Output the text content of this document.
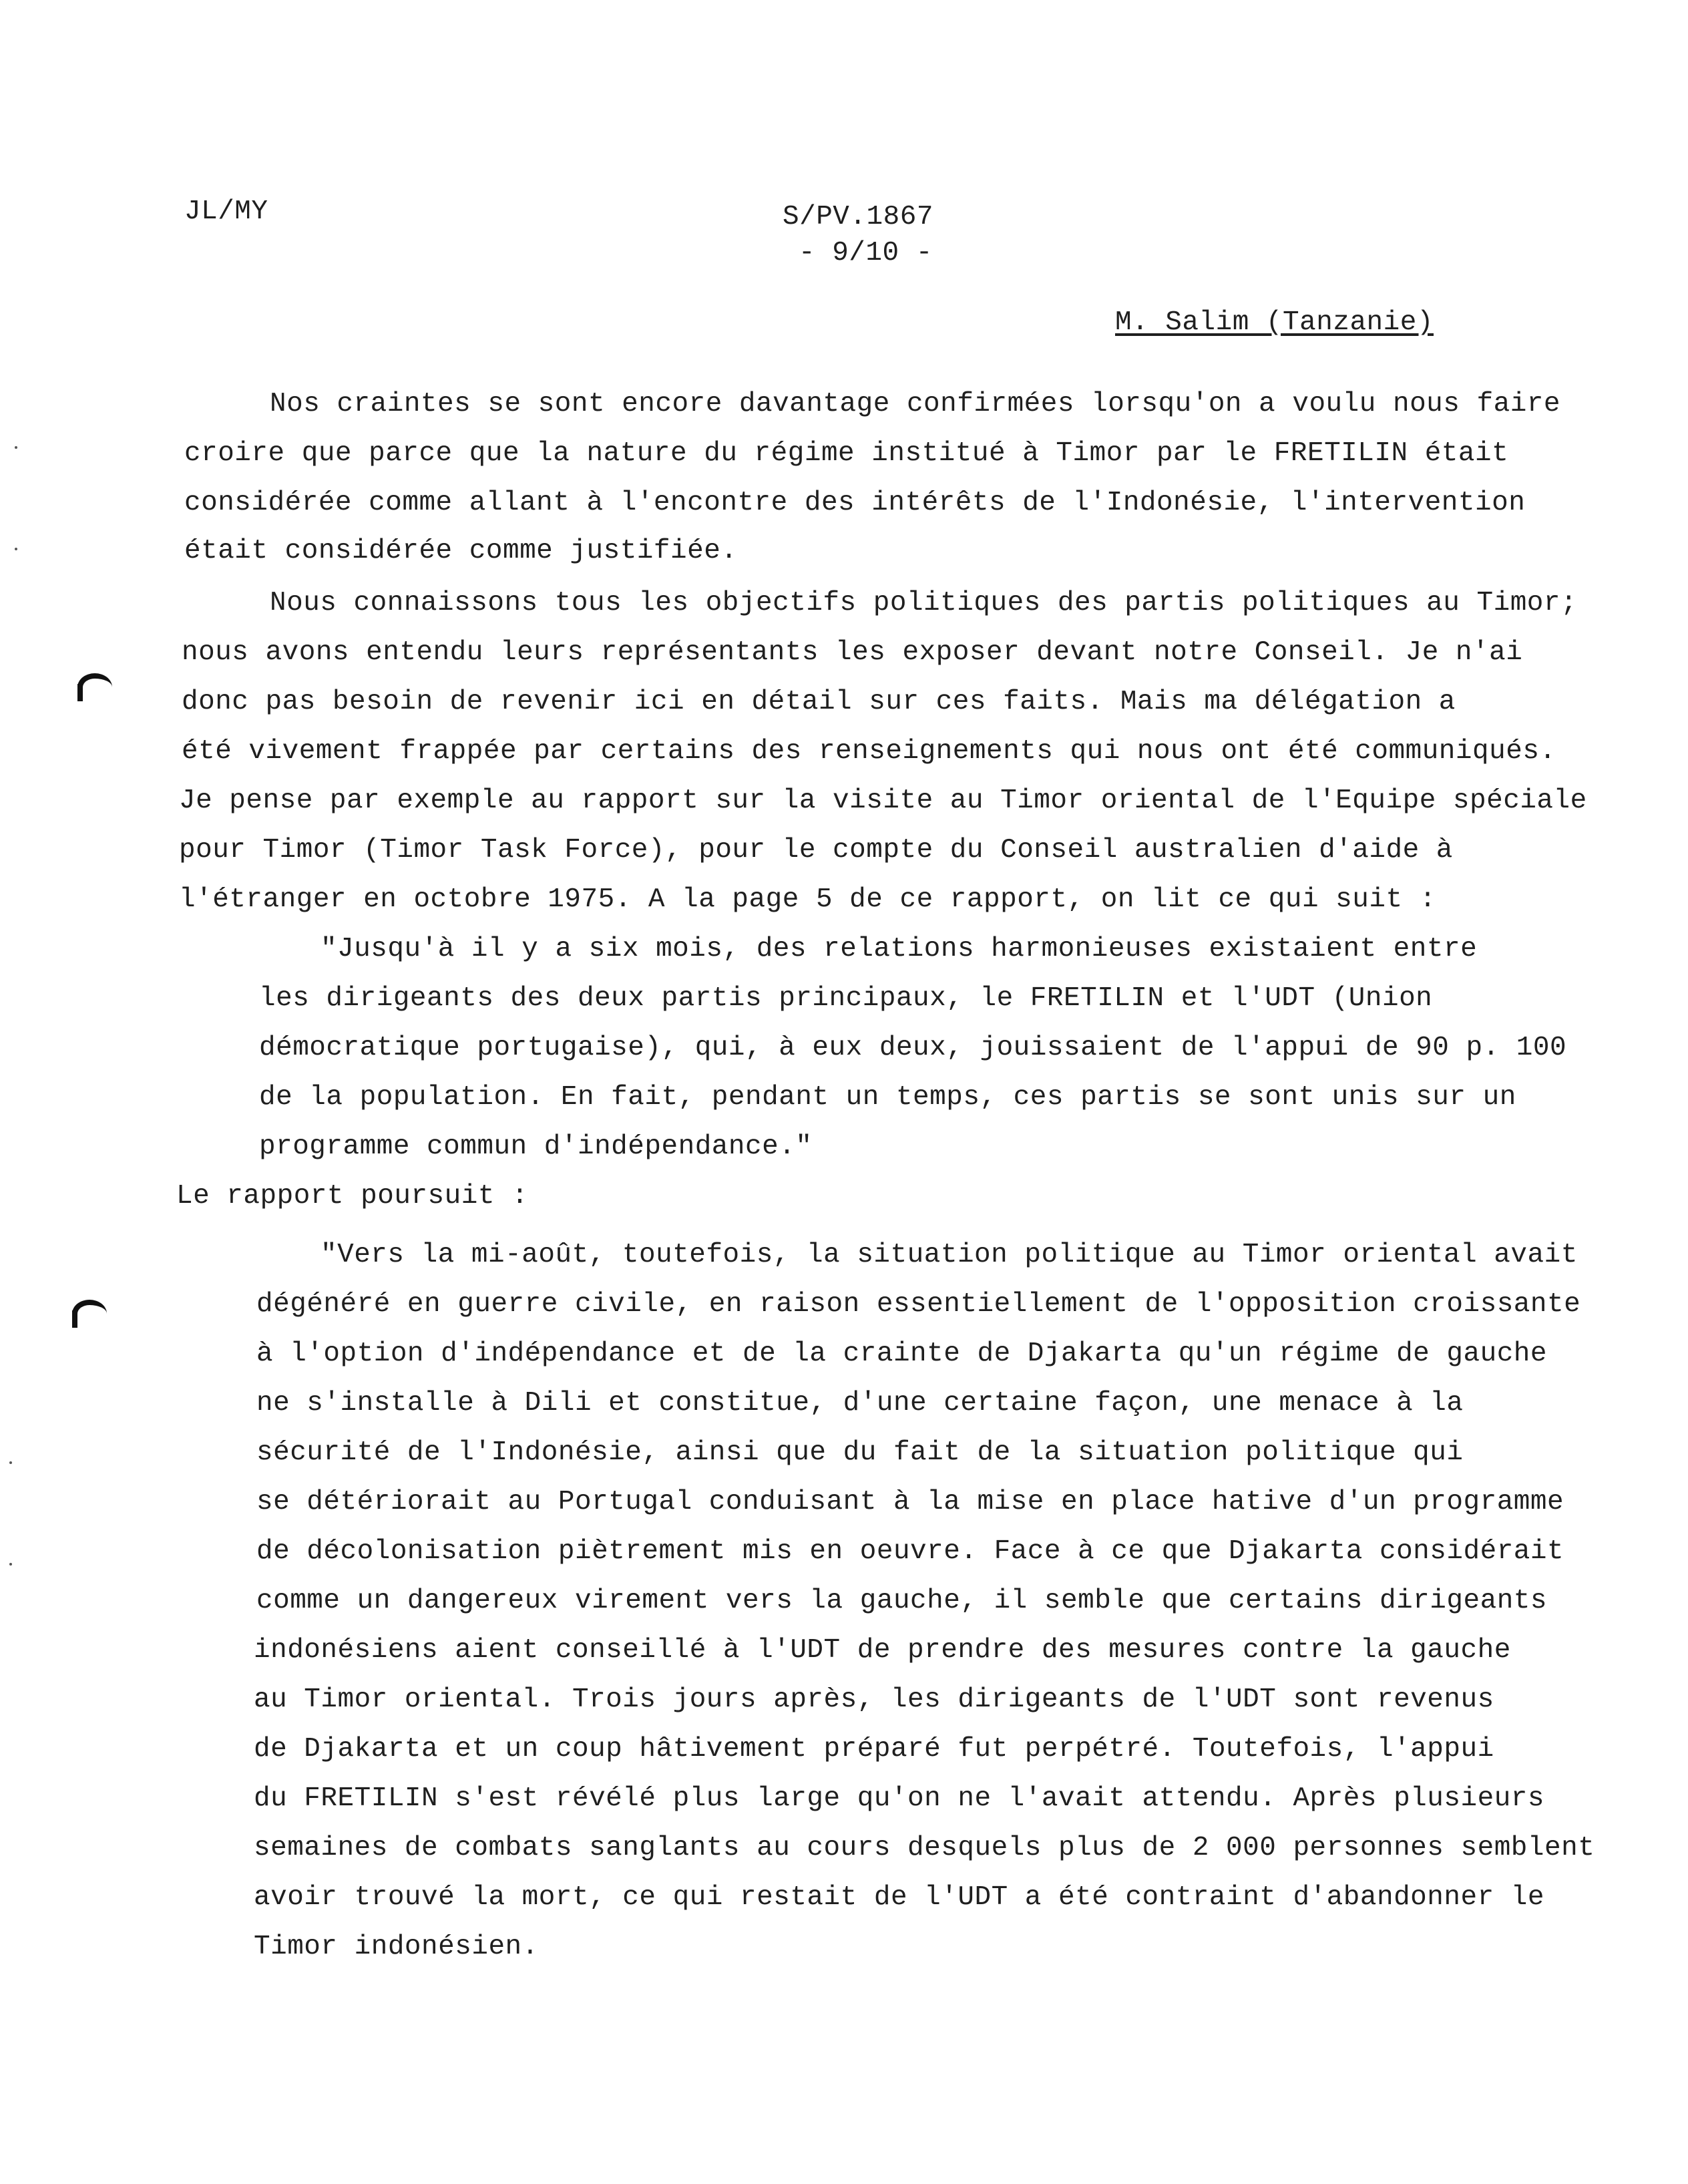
JL/MY	S/PV.1867
- 9/10 -
M. Salim (Tanzanie)
Nos craintes se sont encore davantage confirmées lorsqu'on a voulu nous faire
croire que parce que la nature du régime institué à Timor par le FRETILIN était
considérée comme allant à l'encontre des intérêts de l'Indonésie, l'intervention
était considérée comme justifiée.
Nous connaissons tous les objectifs politiques des partis politiques au Timor;
nous avons entendu leurs représentants les exposer devant notre Conseil. Je n'ai
donc pas besoin de revenir ici en détail sur ces faits. Mais ma délégation a
été vivement frappée par certains des renseignements qui nous ont été communiqués.
Je pense par exemple au rapport sur la visite au Timor oriental de l'Equipe spéciale
pour Timor (Timor Task Force), pour le compte du Conseil australien d'aide à
l'étranger en octobre 1975. A la page 5 de ce rapport, on lit ce qui suit :
"Jusqu'à il y a six mois, des relations harmonieuses existaient entre
les dirigeants des deux partis principaux, le FRETILIN et l'UDT (Union
démocratique portugaise), qui, à eux deux, jouissaient de l'appui de 90 p. 100
de la population. En fait, pendant un temps, ces partis se sont unis sur un
programme commun d'indépendance."
Le rapport poursuit :
"Vers la mi-août, toutefois, la situation politique au Timor oriental avait
dégénéré en guerre civile, en raison essentiellement de l'opposition croissante
à l'option d'indépendance et de la crainte de Djakarta qu'un régime de gauche
ne s'installe à Dili et constitue, d'une certaine façon, une menace à la
sécurité de l'Indonésie, ainsi que du fait de la situation politique qui
se détériorait au Portugal conduisant à la mise en place hative d'un programme
de décolonisation piètrement mis en oeuvre. Face à ce que Djakarta considérait
comme un dangereux virement vers la gauche, il semble que certains dirigeants
indonésiens aient conseillé à l'UDT de prendre des mesures contre la gauche
au Timor oriental. Trois jours après, les dirigeants de l'UDT sont revenus
de Djakarta et un coup hâtivement préparé fut perpétré. Toutefois, l'appui
du FRETILIN s'est révélé plus large qu'on ne l'avait attendu. Après plusieurs
semaines de combats sanglants au cours desquels plus de 2 000 personnes semblent
avoir trouvé la mort, ce qui restait de l'UDT a été contraint d'abandonner le
Timor indonésien.
